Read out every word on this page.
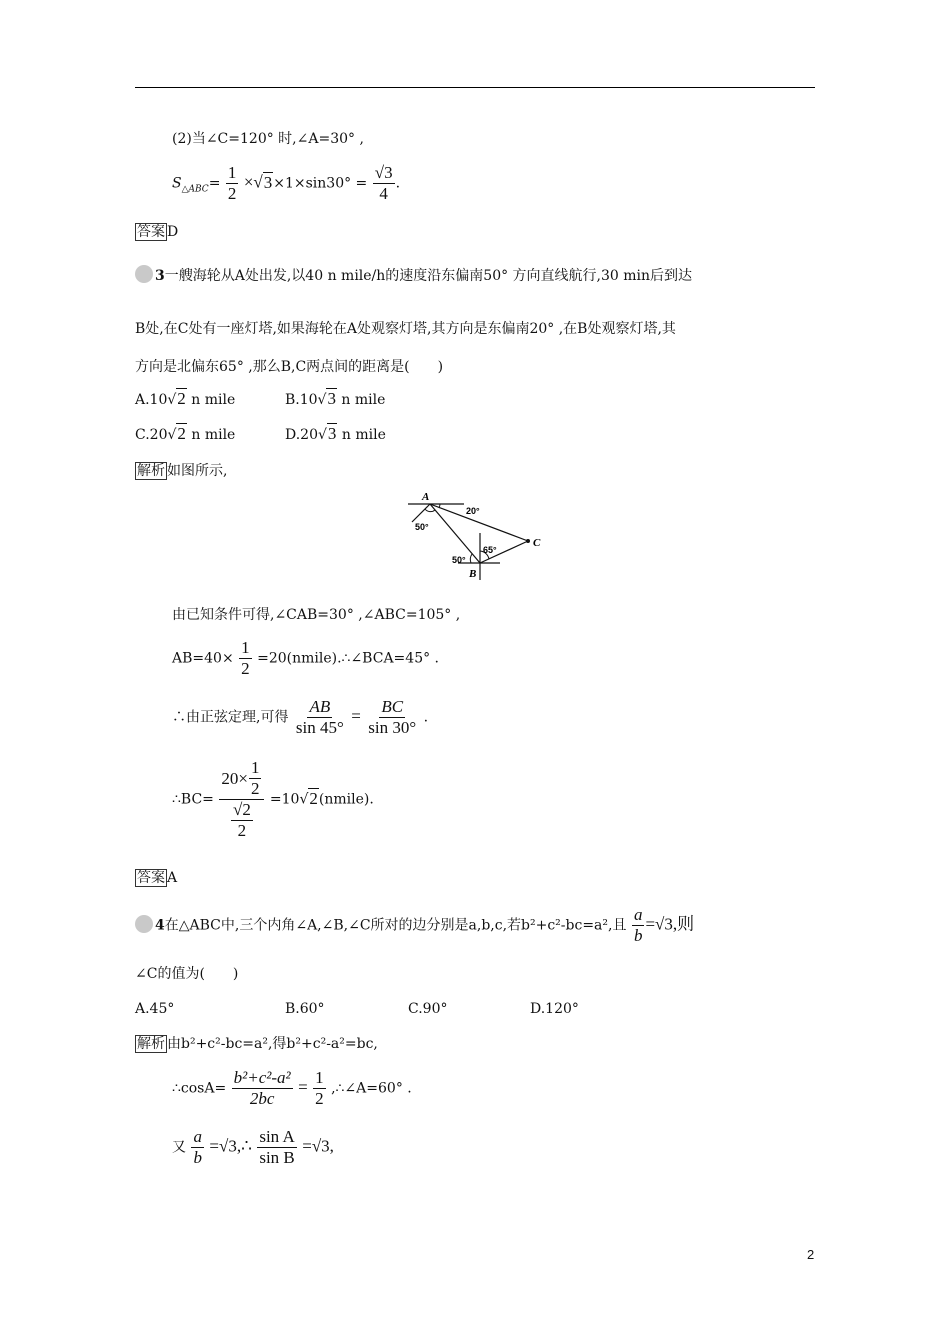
(2)当∠C=120° 时,∠A=30° ,
$S_{\triangle ABC}= \frac{1}{2} \times√3\times 1\times\sin 30^\circ = \frac{√3}{4}$ .
答案 D
3一艘海轮从A处出发,以40 n mile/h的速度沿东偏南50° 方向直线航行,30 min后到达
B处,在C处有一座灯塔,如果海轮在A处观察灯塔,其方向是东偏南20° ,在B处观察灯塔,其
方向是北偏东65° ,那么B,C两点间的距离是(　　)
A.10√2 n mile	B.10√3 n mile
C.20√2 n mile	D.20√3 n mile
解析 如图所示,
A
C
B
20°
50°
50°
65°
由已知条件可得,∠CAB=30° ,∠ABC=105° ,
$AB=40\times \frac{1}{2}$ =20(nmile).∴∠BCA=45° .
∴由正弦定理,可得 $\frac{AB}{\sin 45^\circ} = \frac{BC}{\sin 30^\circ}$ .
∴BC= $\frac{20\times \frac{1}{2}}{\frac{√2}{2}}$ =10√2(nmile).
答案 A
4在△ABC中,三个内角∠A,∠B,∠C所对的边分别是a,b,c,若b²+c²-bc=a²,且 $\frac{a}{b} =√3$,则
∠C的值为(　　)
A.45°	B.60°	C.90°	D.120°
解析 由b²+c²-bc=a²,得b²+c²-a²=bc,
∴cosA= $\frac{\text{b²+c²-a²}}{2bc} = \frac{1}{2}$ ,∴∠A=60° .
又 $\frac{a}{b}$ =√3,∴ $\frac{\text{sin A}}{\text{sin B}} =√3$,
2
